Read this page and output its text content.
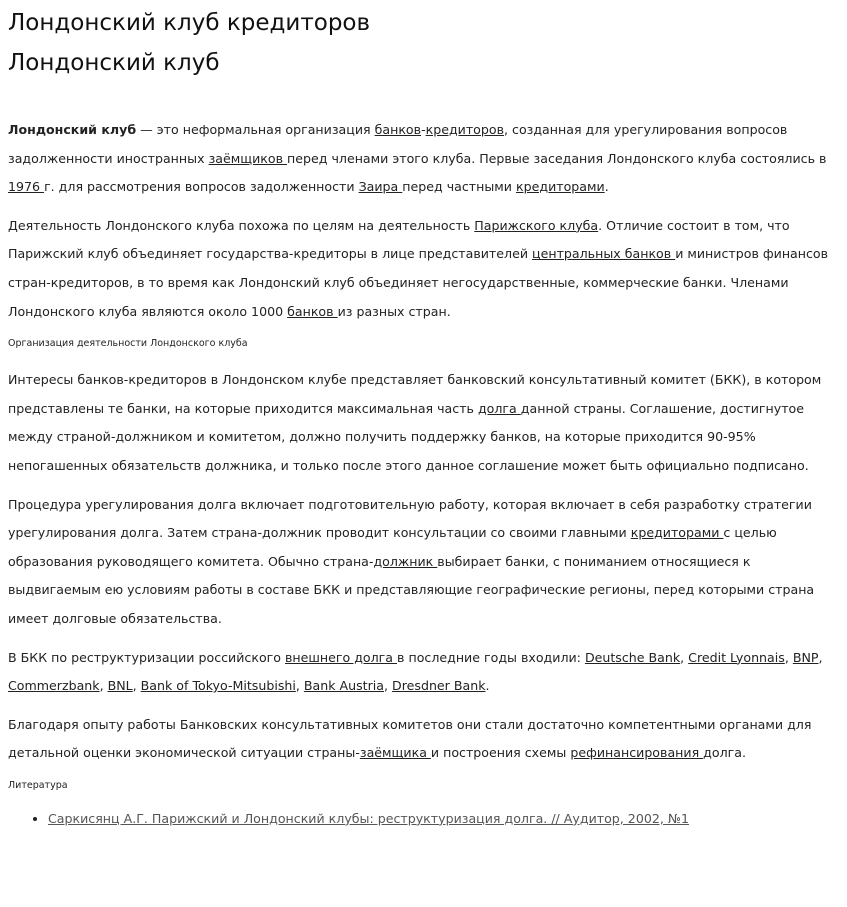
Лондонский клуб кредиторов
Лондонский клуб

Лондонский клуб — это неформальная организация банков-кредиторов, созданная для урегулирования вопросов задолженности иностранных заёмщиков перед членами этого клуба. Первые заседания Лондонского клуба состоялись в 1976 г. для рассмотрения вопросов задолженности Заира перед частными кредиторами.

Деятельность Лондонского клуба похожа по целям на деятельность Парижского клуба. Отличие состоит в том, что Парижский клуб объединяет государства-кредиторы в лице представителей центральных банков и министров финансов стран-кредиторов, в то время как Лондонский клуб объединяет негосударственные, коммерческие банки. Членами Лондонского клуба являются около 1000 банков из разных стран.

Организация деятельности Лондонского клуба

Интересы банков-кредиторов в Лондонском клубе представляет банковский консультативный комитет (БКК), в котором представлены те банки, на которые приходится максимальная часть долга данной страны. Соглашение, достигнутое между страной-должником и комитетом, должно получить поддержку банков, на которые приходится 90-95% непогашенных обязательств должника, и только после этого данное соглашение может быть официально подписано.

Процедура урегулирования долга включает подготовительную работу, которая включает в себя разработку стратегии урегулирования долга. Затем страна-должник проводит консультации со своими главными кредиторами с целью образования руководящего комитета. Обычно страна-должник выбирает банки, с пониманием относящиеся к выдвигаемым ею условиям работы в составе БКК и представляющие географические регионы, перед которыми страна имеет долговые обязательства.

В БКК по реструктуризации российского внешнего долга в последние годы входили: Deutsche Bank, Credit Lyonnais, BNP, Commerzbank, BNL, Bank of Tokyo-Mitsubishi, Bank Austria, Dresdner Bank.

Благодаря опыту работы Банковских консультативных комитетов они стали достаточно компетентными органами для детальной оценки экономической ситуации страны-заёмщика и построения схемы рефинансирования долга.

Литература
• Саркисянц А.Г. Парижский и Лондонский клубы: реструктуризация долга. // Аудитор, 2002, №1
